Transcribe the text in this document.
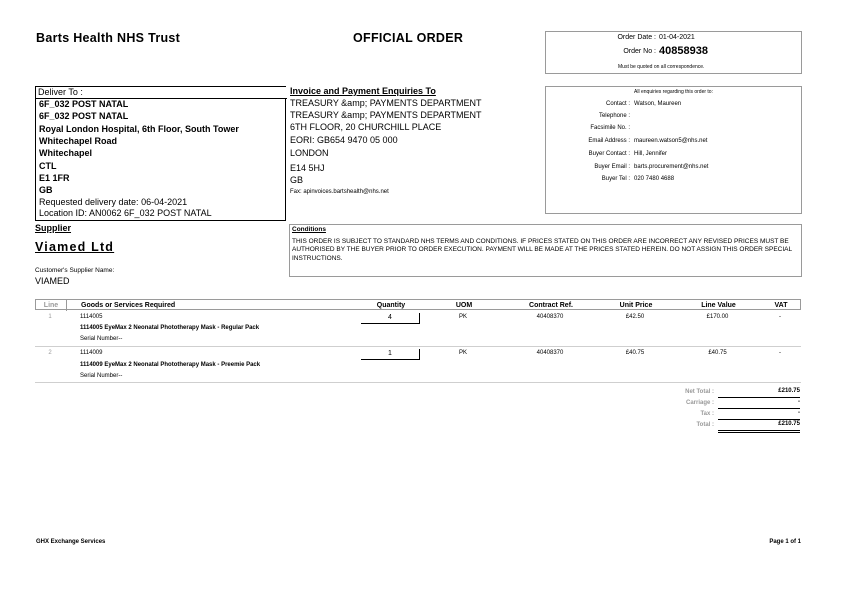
Barts Health NHS Trust	OFFICIAL ORDER	Order Date : 01-04-2021
Order No : 40858938
Must be quoted on all correspondence.
Deliver To :
6F_032 POST NATAL
6F_032 POST NATAL
Royal London Hospital, 6th Floor, South Tower
Whitechapel Road
Whitechapel
CTL
E1 1FR
GB
Requested delivery date: 06-04-2021
Location ID: AN0062 6F_032 POST NATAL
Invoice and Payment Enquiries To
TREASURY &amp; PAYMENTS DEPARTMENT
TREASURY &amp; PAYMENTS DEPARTMENT
6TH FLOOR, 20 CHURCHILL PLACE
EORI: GB654 9470 05 000
LONDON
E14 5HJ
GB
Fax: apinvoices.bartshealth@nhs.net
All enquiries regarding this order to:
Contact : Watson, Maureen
Telephone :
Facsimile No. :
Email Address : maureen.watson5@nhs.net
Buyer Contact : Hill, Jennifer
Buyer Email : barts.procurement@nhs.net
Buyer Tel : 020 7480 4688
Supplier
Viamed Ltd
Customer's Supplier Name:
VIAMED
Conditions
THIS ORDER IS SUBJECT TO STANDARD NHS TERMS AND CONDITIONS. IF PRICES STATED ON THIS ORDER ARE INCORRECT ANY REVISED PRICES MUST BE AUTHORISED BY THE BUYER PRIOR TO ORDER EXECUTION. PAYMENT WILL BE MADE AT THE PRICES STATED HEREIN. DO NOT ASSIGN THIS ORDER SPECIAL INSTRUCTIONS.
Line	Goods or Services Required	Quantity	UOM	Contract Ref.	Unit Price	Line Value	VAT
1	1114005
1114005 EyeMax 2 Neonatal Phototherapy Mask - Regular Pack
Serial Number--
4	PK	40408370	£42.50	£170.00	-
2	1114009
1114009 EyeMax 2 Neonatal Phototherapy Mask - Preemie Pack
Serial Number--
1	PK	40408370	£40.75	£40.75	-
Net Total :	£210.75
Carriage :	-
Tax :	-
Total :	£210.75
GHX Exchange Services	Page 1 of 1
